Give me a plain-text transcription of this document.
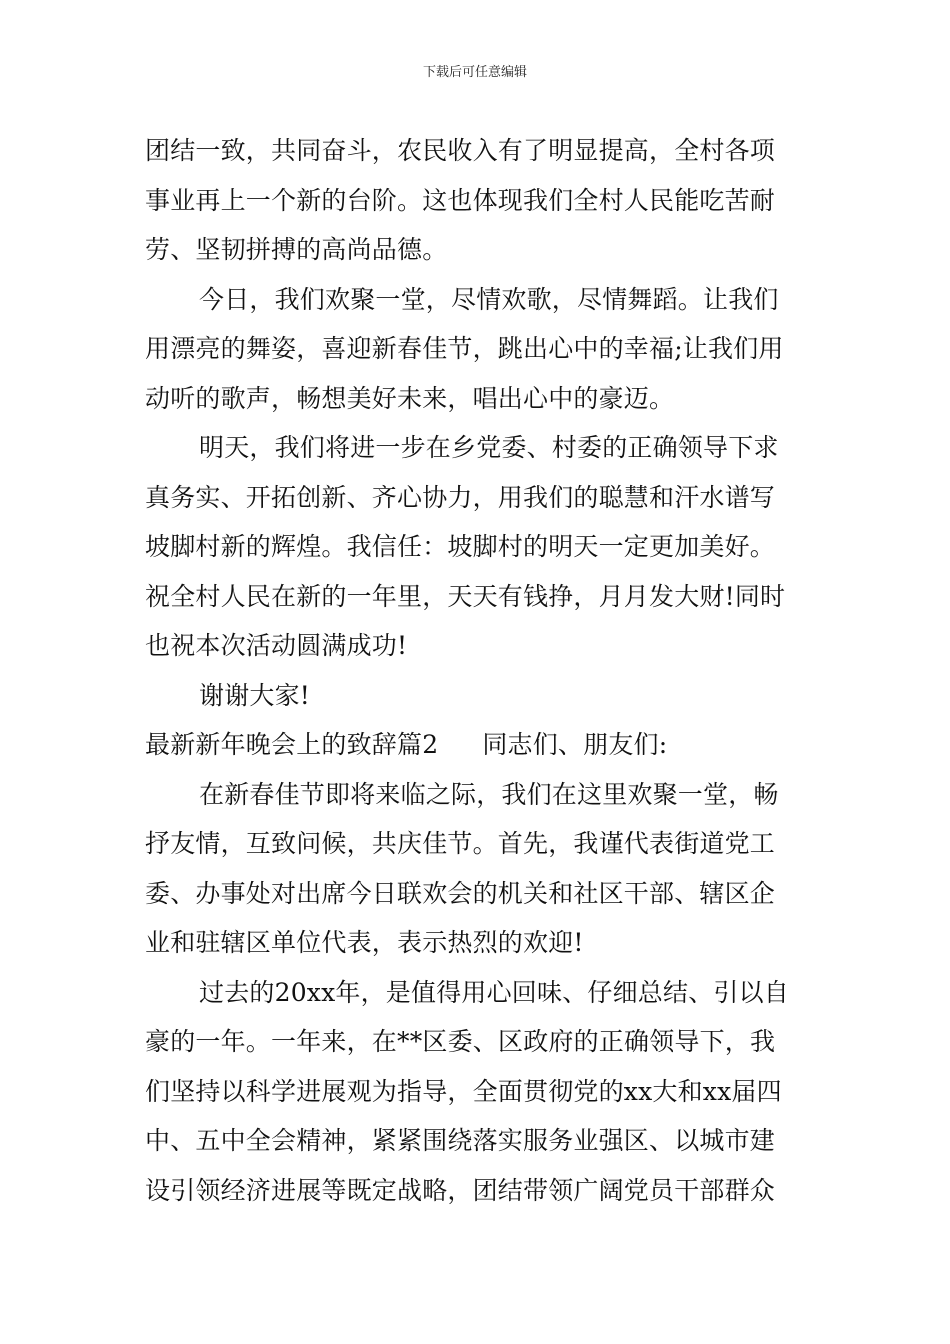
下载后可任意编辑
团结一致，共同奋斗，农民收入有了明显提高，全村各项
事业再上一个新的台阶。这也体现我们全村人民能吃苦耐
劳、坚韧拼搏的高尚品德。
今日，我们欢聚一堂，尽情欢歌，尽情舞蹈。让我们
用漂亮的舞姿，喜迎新春佳节，跳出心中的幸福;让我们用
动听的歌声，畅想美好未来，唱出心中的豪迈。
明天，我们将进一步在乡党委、村委的正确领导下求
真务实、开拓创新、齐心协力，用我们的聪慧和汗水谱写
坡脚村新的辉煌。我信任：坡脚村的明天一定更加美好。
祝全村人民在新的一年里，天天有钱挣，月月发大财!同时
也祝本次活动圆满成功!
谢谢大家!
最新新年晚会上的致辞篇2 同志们、朋友们:
在新春佳节即将来临之际，我们在这里欢聚一堂，畅
抒友情，互致问候，共庆佳节。首先，我谨代表街道党工
委、办事处对出席今日联欢会的机关和社区干部、辖区企
业和驻辖区单位代表，表示热烈的欢迎!
过去的20xx年，是值得用心回味、仔细总结、引以自
豪的一年。一年来，在**区委、区政府的正确领导下，我
们坚持以科学进展观为指导，全面贯彻党的xx大和xx届四
中、五中全会精神，紧紧围绕落实服务业强区、以城市建
设引领经济进展等既定战略，团结带领广阔党员干部群众
